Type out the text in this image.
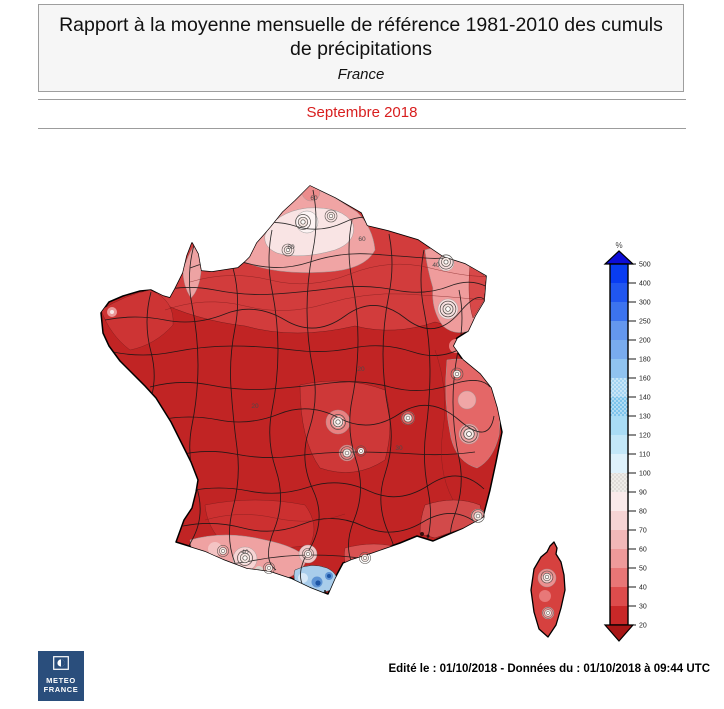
Rapport à la moyenne mensuelle de référence 1981-2010 des cumuls
de précipitations
France
Septembre 2018
60
60
80
40
20
20
30
40
%
500
400
300
250
200
180
160
140
130
120
110
100
90
80
70
60
50
40
30
20
METEO
FRANCE
Edité le : 01/10/2018 - Données du : 01/10/2018 à 09:44 UTC
